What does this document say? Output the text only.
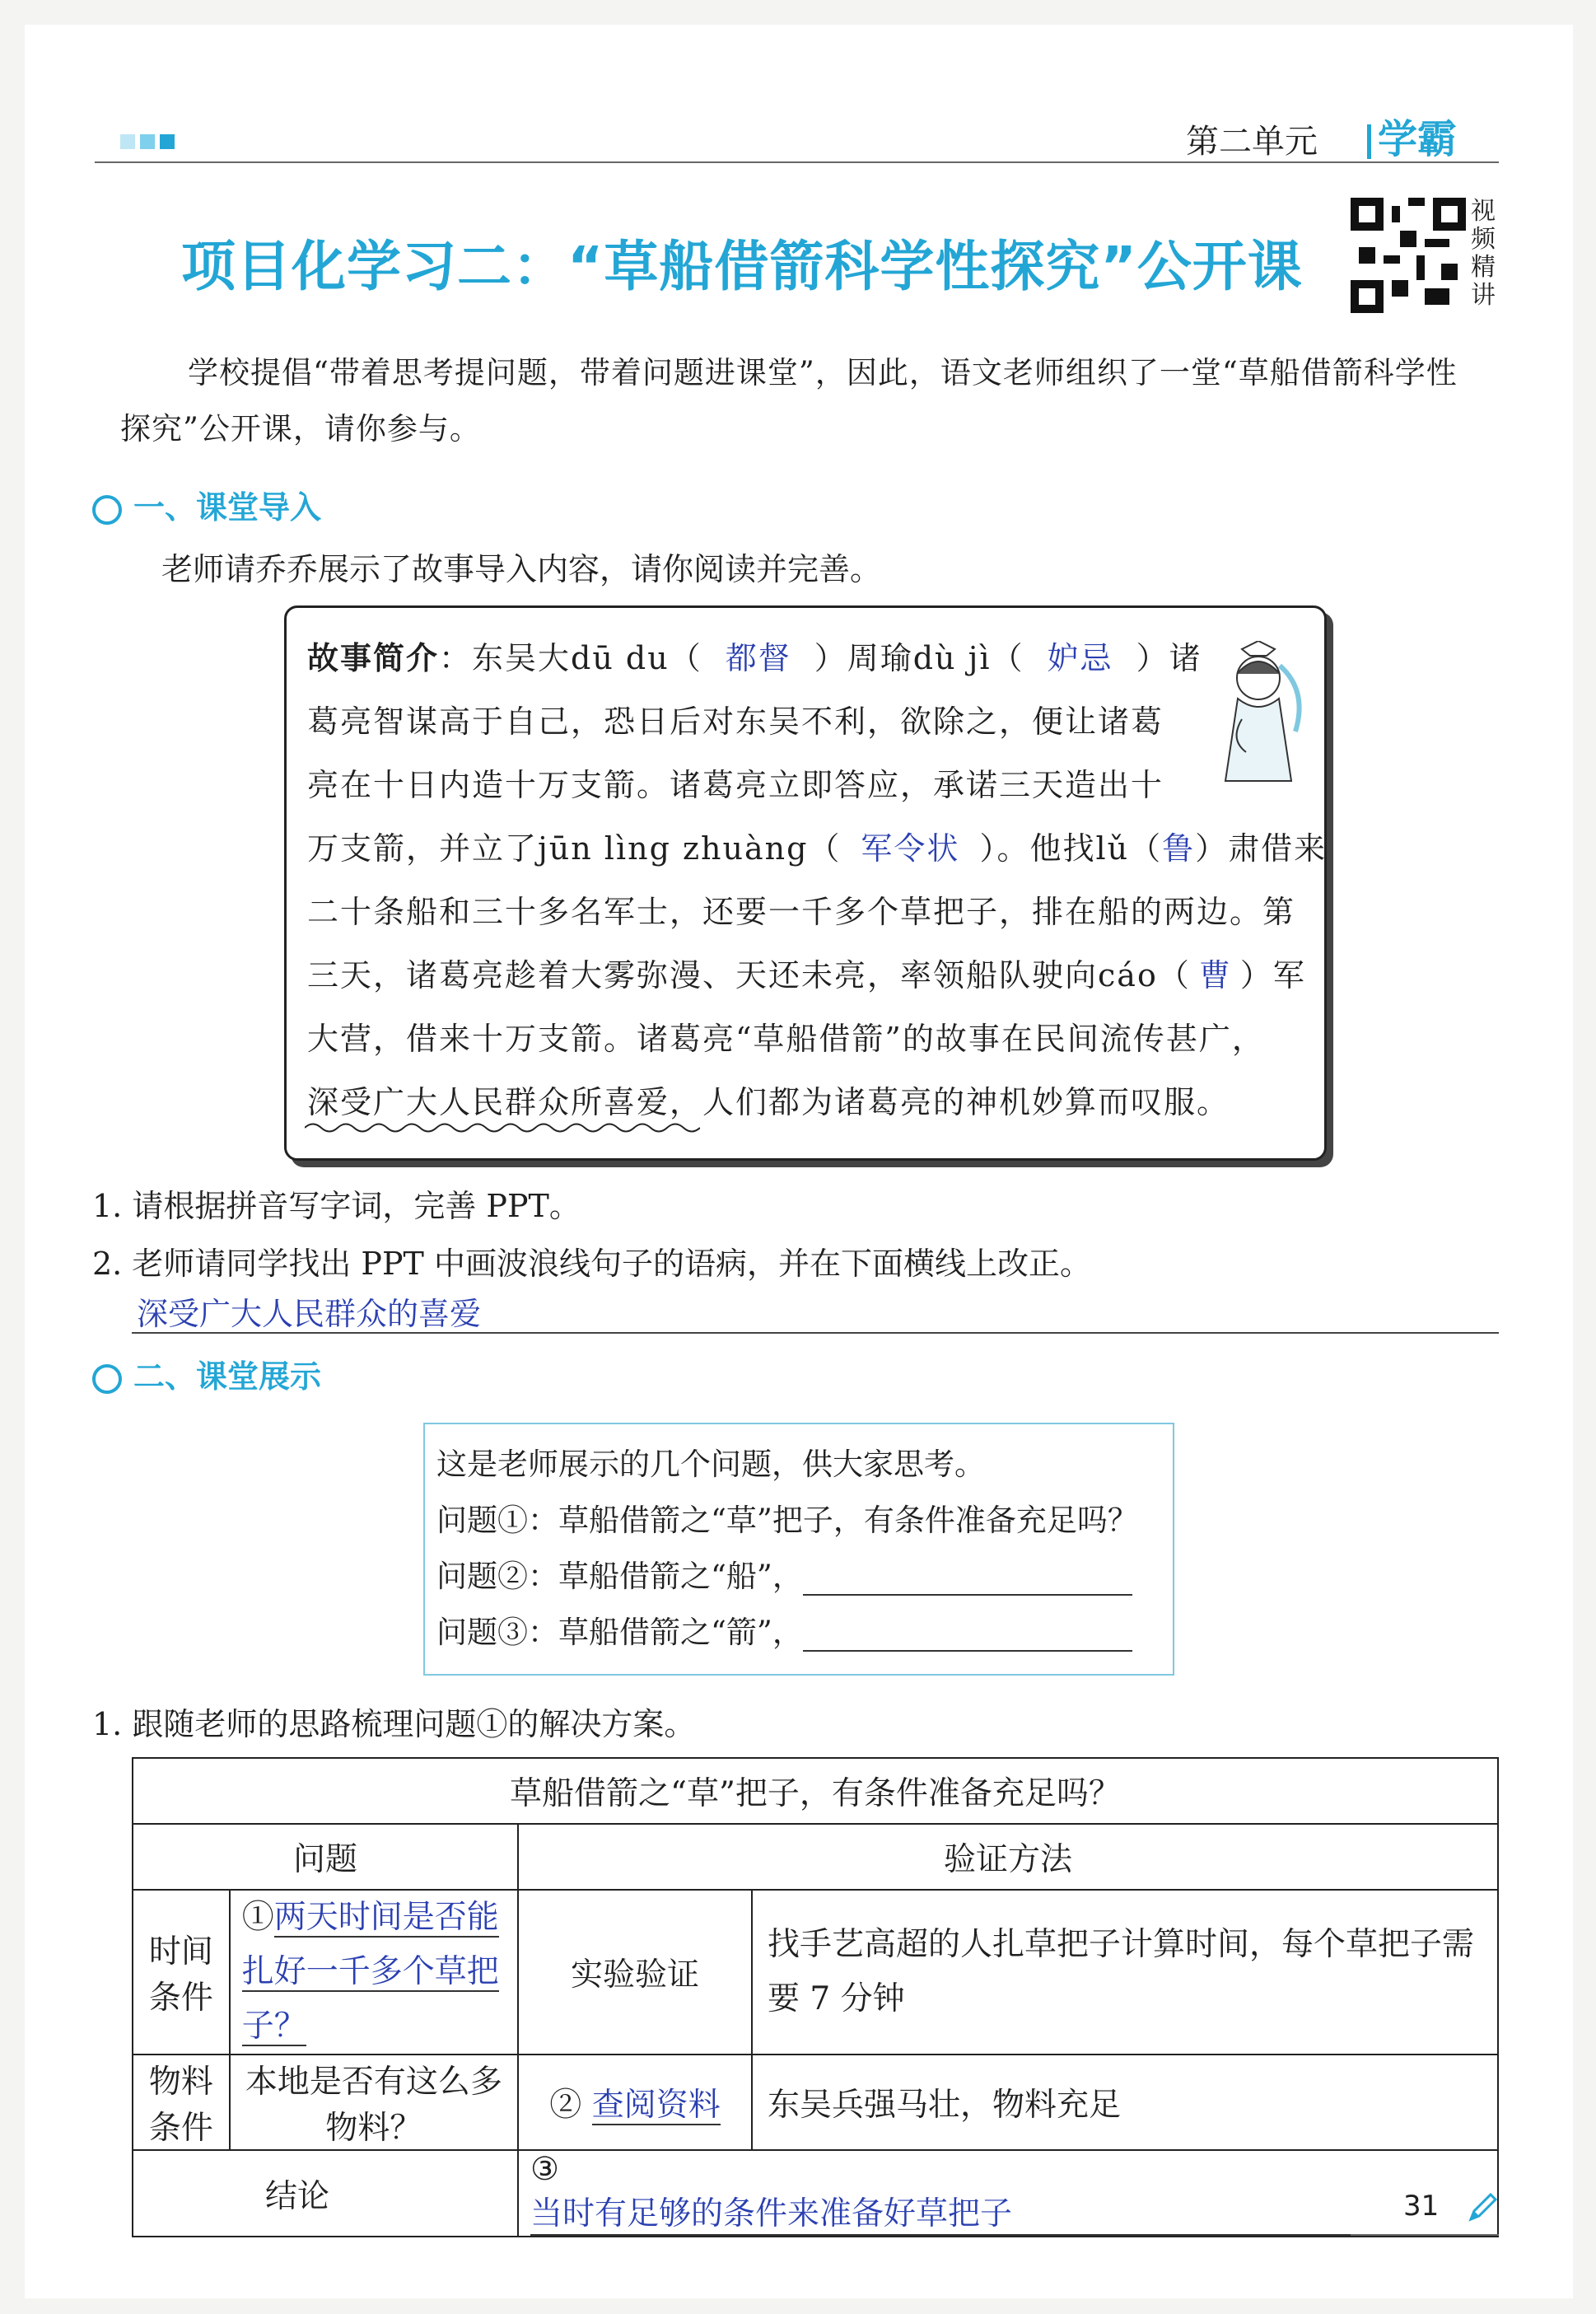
第二单元 学霸
项目化学习二：“草船借箭科学性探究”公开课
视
频
精
讲
学校提倡“带着思考提问题，带着问题进课堂”，因此，语文老师组织了一堂“草船借箭科学性
探究”公开课，请你参与。
一、课堂导入
老师请乔乔展示了故事导入内容，请你阅读并完善。
故事简介：东吴大dū du（ 都督 ）周瑜dù jì（ 妒忌 ）诸
葛亮智谋高于自己，恐日后对东吴不利，欲除之，便让诸葛
亮在十日内造十万支箭。诸葛亮立即答应，承诺三天造出十
万支箭，并立了jūn lìng zhuàng（ 军令状 ）。他找lǔ（鲁）肃借来
二十条船和三十多名军士，还要一千多个草把子，排在船的两边。第
三天，诸葛亮趁着大雾弥漫、天还未亮，率领船队驶向cáo（ 曹 ）军
大营，借来十万支箭。诸葛亮“草船借箭”的故事在民间流传甚广，
深受广大人民群众所喜爱，人们都为诸葛亮的神机妙算而叹服。
1. 请根据拼音写字词，完善 PPT。
2. 老师请同学找出 PPT 中画波浪线句子的语病，并在下面横线上改正。
深受广大人民群众的喜爱
二、课堂展示
这是老师展示的几个问题，供大家思考。
问题①：草船借箭之“草”把子，有条件准备充足吗？
问题②：草船借箭之“船”，
问题③：草船借箭之“箭”，
1. 跟随老师的思路梳理问题①的解决方案。
草船借箭之“草”把子，有条件准备充足吗？			
问题		验证方法	
时间条件	①两天时间是否能扎好一千多个草把子？	实验验证	找手艺高超的人扎草把子计算时间，每个草把子需要 7 分钟
物料条件	本地是否有这么多物料？	② 查阅资料	东吴兵强马壮，物料充足
结论		③当时有足够的条件来准备好草把子		31
